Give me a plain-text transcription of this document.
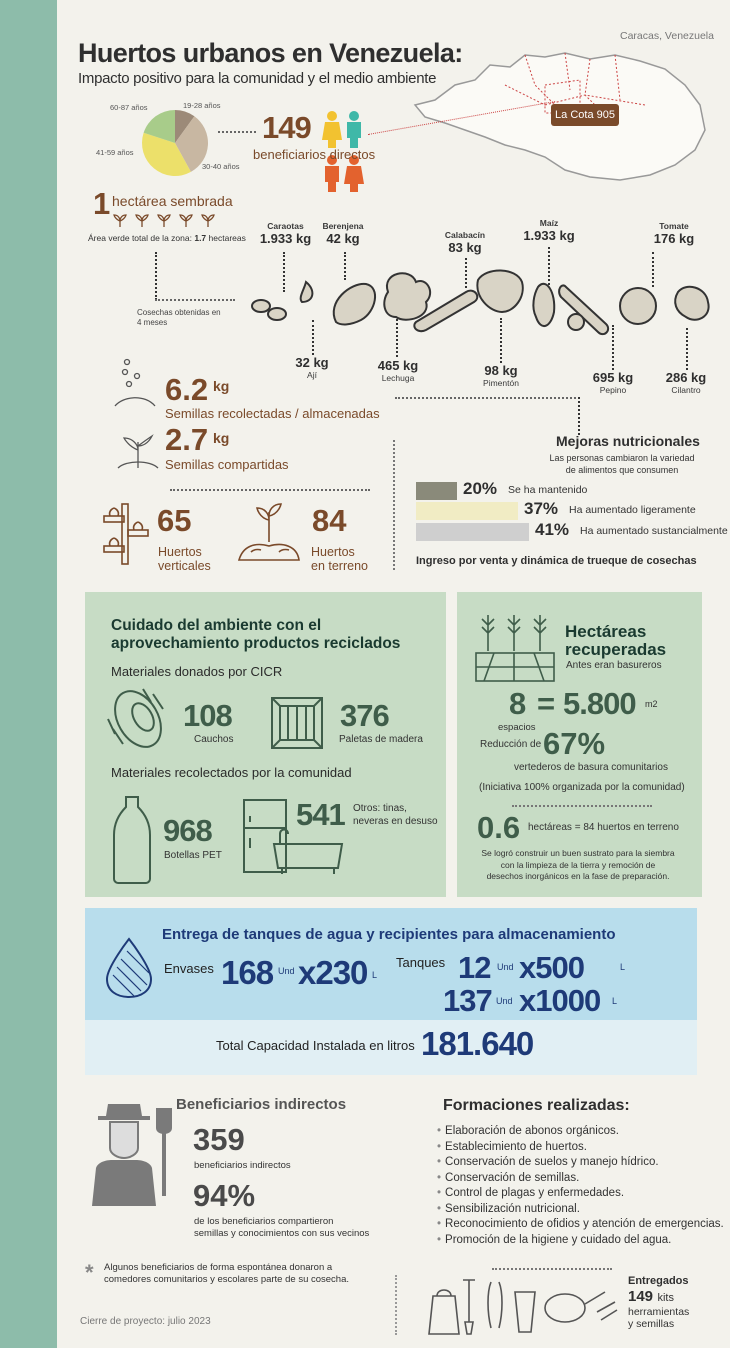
Caracas, Venezuela
Huertos urbanos en Venezuela:
Impacto positivo para la comunidad y el medio ambiente
La Cota 905
19-28 años
30-40 años
41-59 años
60-87 años
149
beneficiarios directos
1 hectárea sembrada
Área verde total de la zona: 1.7 hectareas
Cosechas obtenidas en 4 meses
Caraotas
1.933 kg
Berenjena
42 kg	Calabacín
83 kg
Maíz
1.933 kg
Tomate
176 kg
32 kg
Ají
465 kg
Lechuga	98 kg
Pimentón	695 kg
Pepino
286 kg
Cilantro
6.2 kg
Semillas recolectadas / almacenadas
2.7 kg
Semillas compartidas
65
Huertos
verticales
84
Huertos
en terreno
Mejoras nutricionales
Las personas cambiaron la variedad
de alimentos que consumen
20% Se ha mantenido
37% Ha aumentado ligeramente
41% Ha aumentado sustancialmente
Ingreso por venta y dinámica de trueque de cosechas
Cuidado del ambiente con el
aprovechamiento productos reciclados
Materiales donados por CICR
108
Cauchos
376
Paletas de madera
Materiales recolectados por la comunidad
968
Botellas PET
541 Otros: tinas,
neveras en desuso
Hectáreas
recuperadas
Antes eran basureros
8 = 5.800 m2
espacios
Reducción de 67%
vertederos de basura comunitarios
(Iniciativa 100% organizada por la comunidad)
0.6 hectáreas = 84 huertos en terreno
Se logró construir un buen sustrato para la siembra
con la limpieza de la tierra y remoción de
desechos inorgánicos en la fase de preparación.
Entrega de tanques de agua y recipientes para almacenamiento
Envases 168 Und x230 L
Tanques 12 Und x500	L
137 Und x1000 L
Total Capacidad Instalada en litros 181.640
Beneficiarios indirectos
359
beneficiarios indirectos
94%
de los beneficiarios compartieron
semillas y conocimientos con sus vecinos
Formaciones realizadas:
• Elaboración de abonos orgánicos.
• Establecimiento de huertos.
• Conservación de suelos y manejo hídrico.
• Conservación de semillas.
• Control de plagas y enfermedades.
• Sensibilización nutricional.
• Reconocimiento de ofidios y atención de emergencias.
• Promoción de la higiene y cuidado del agua.
* Algunos beneficiarios de forma espontánea donaron a
comedores comunitarios y escolares parte de su cosecha.
Cierre de proyecto: julio 2023
Entregados
149 kits
herramientas
y semillas
